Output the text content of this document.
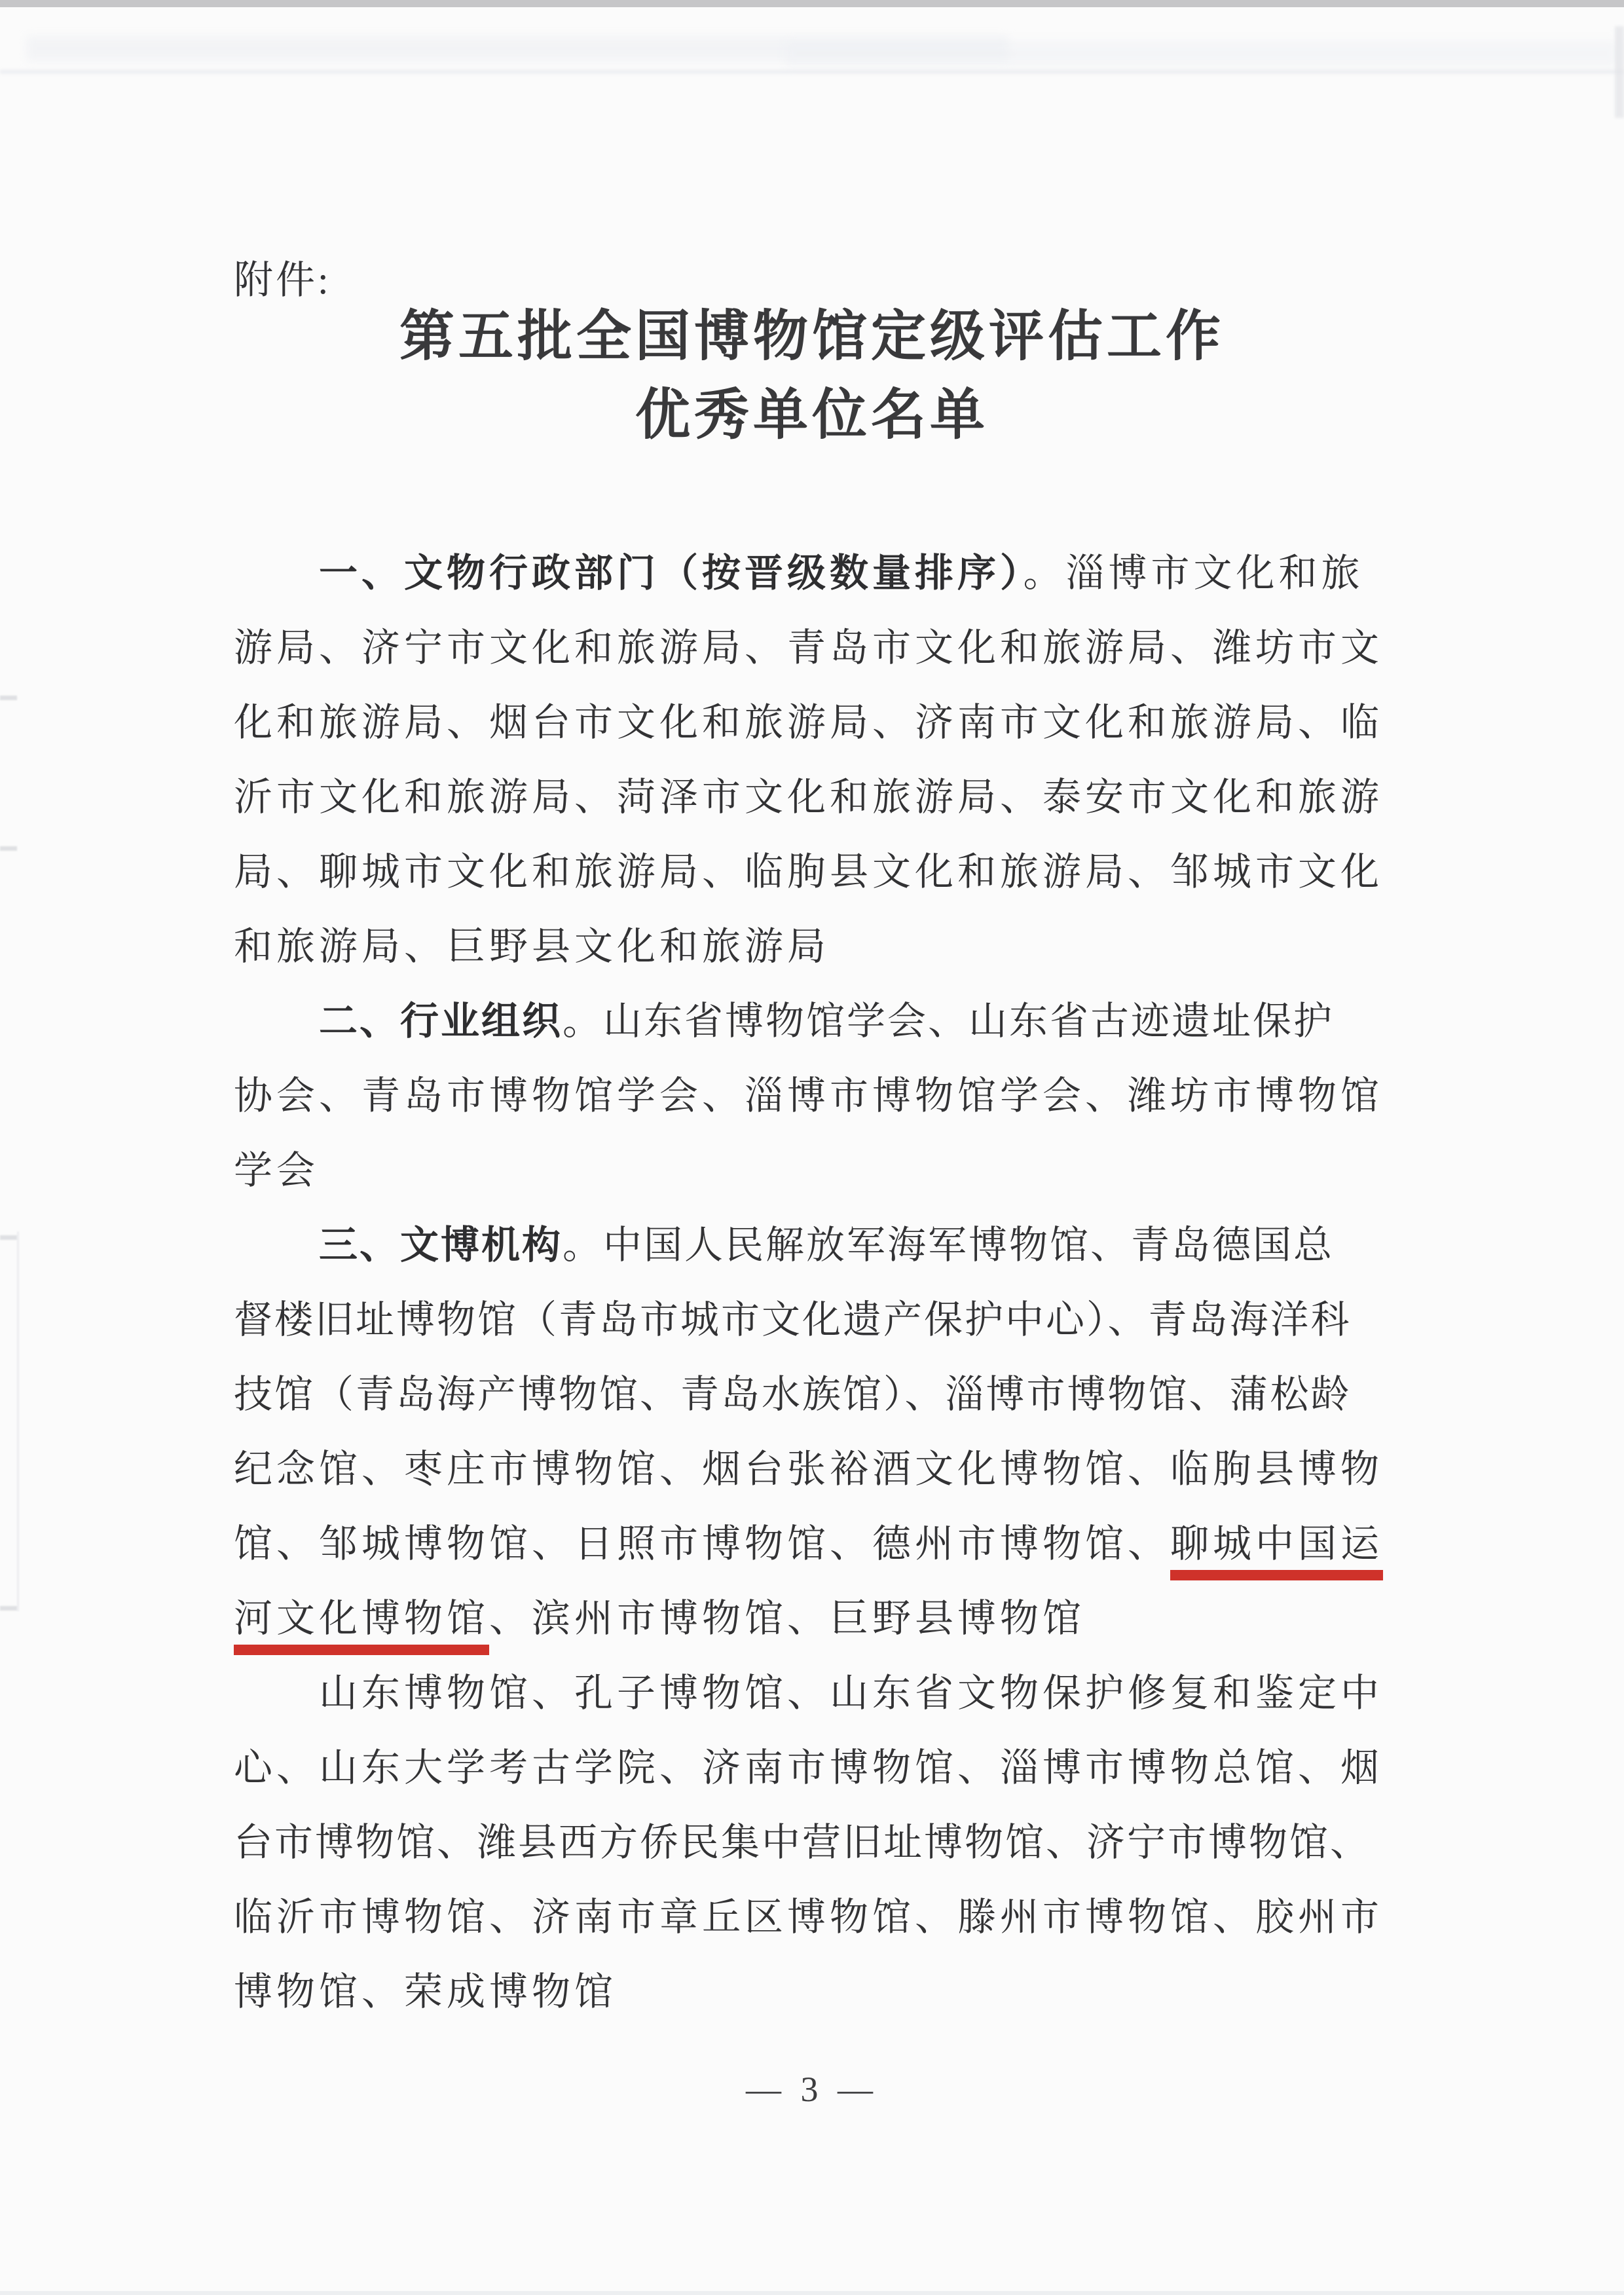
附件:
第五批全国博物馆定级评估工作
优秀单位名单
一、文物行政部门（按晋级数量排序）。淄博市文化和旅
游局、济宁市文化和旅游局、青岛市文化和旅游局、潍坊市文
化和旅游局、烟台市文化和旅游局、济南市文化和旅游局、临
沂市文化和旅游局、菏泽市文化和旅游局、泰安市文化和旅游
局、聊城市文化和旅游局、临朐县文化和旅游局、邹城市文化
和旅游局、巨野县文化和旅游局
二、行业组织。山东省博物馆学会、山东省古迹遗址保护
协会、青岛市博物馆学会、淄博市博物馆学会、潍坊市博物馆
学会
三、文博机构。中国人民解放军海军博物馆、青岛德国总
督楼旧址博物馆（青岛市城市文化遗产保护中心）、青岛海洋科
技馆（青岛海产博物馆、青岛水族馆）、淄博市博物馆、蒲松龄
纪念馆、枣庄市博物馆、烟台张裕酒文化博物馆、临朐县博物
馆、邹城博物馆、日照市博物馆、德州市博物馆、聊城中国运
河文化博物馆、滨州市博物馆、巨野县博物馆
山东博物馆、孔子博物馆、山东省文物保护修复和鉴定中
心、山东大学考古学院、济南市博物馆、淄博市博物总馆、烟
台市博物馆、潍县西方侨民集中营旧址博物馆、济宁市博物馆、
临沂市博物馆、济南市章丘区博物馆、滕州市博物馆、胶州市
博物馆、荣成博物馆
— 3 —
